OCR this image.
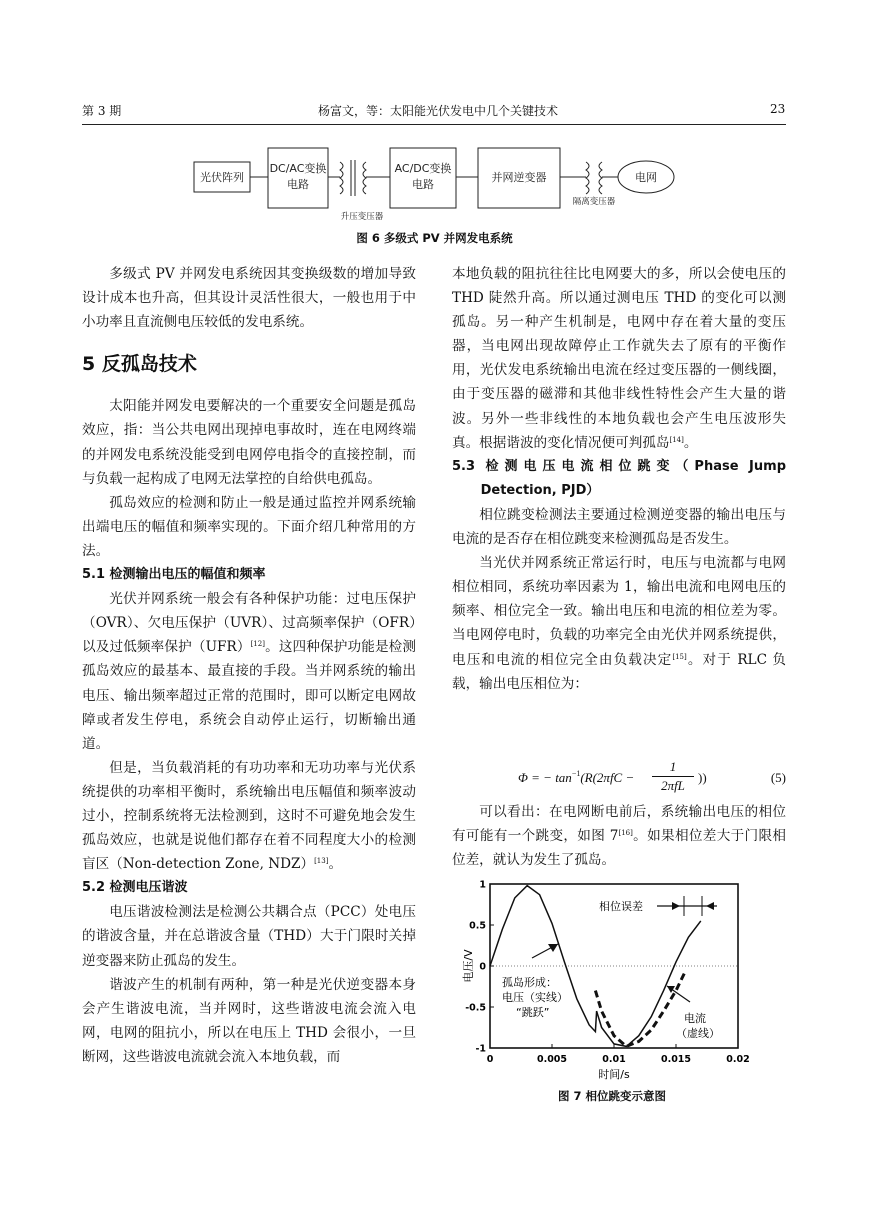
第 3 期	杨富文，等：太阳能光伏发电中几个关键技术	23
光伏阵列
DC/AC变换
电路
AC/DC变换
电路
并网逆变器	电网
升压变压器
隔离变压器
图 6 多级式 PV 并网发电系统

多级式 PV 并网发电系统因其变换级数的增加导致设计成本也升高，但其设计灵活性很大，一般也用于中小功率且直流侧电压较低的发电系统。

5 反孤岛技术

太阳能并网发电要解决的一个重要安全问题是孤岛效应，指：当公共电网出现掉电事故时，连在电网终端的并网发电系统没能受到电网停电指令的直接控制，而与负载一起构成了电网无法掌控的自给供电孤岛。

孤岛效应的检测和防止一般是通过监控并网系统输出端电压的幅值和频率实现的。下面介绍几种常用的方法。

5.1 检测输出电压的幅值和频率

光伏并网系统一般会有各种保护功能：过电压保护（OVR）、欠电压保护（UVR）、过高频率保护（OFR）以及过低频率保护（UFR）[12]。这四种保护功能是检测孤岛效应的最基本、最直接的手段。当并网系统的输出电压、输出频率超过正常的范围时，即可以断定电网故障或者发生停电，系统会自动停止运行，切断输出通道。

但是，当负载消耗的有功功率和无功功率与光伏系统提供的功率相平衡时，系统输出电压幅值和频率波动过小，控制系统将无法检测到，这时不可避免地会发生孤岛效应，也就是说他们都存在着不同程度大小的检测盲区（Non-detection Zone, NDZ）[13]。

5.2 检测电压谐波

电压谐波检测法是检测公共耦合点（PCC）处电压的谐波含量，并在总谐波含量（THD）大于门限时关掉逆变器来防止孤岛的发生。

谐波产生的机制有两种，第一种是光伏逆变器本身会产生谐波电流，当并网时，这些谐波电流会流入电网，电网的阻抗小，所以在电压上 THD 会很小，一旦断网，这些谐波电流就会流入本地负载，而

本地负载的阻抗往往比电网要大的多，所以会使电压的 THD 陡然升高。所以通过测电压 THD 的变化可以测孤岛。另一种产生机制是，电网中存在着大量的变压器，当电网出现故障停止工作就失去了原有的平衡作用，光伏发电系统输出电流在经过变压器的一侧线圈，由于变压器的磁滞和其他非线性特性会产生大量的谐波。另外一些非线性的本地负载也会产生电压波形失真。根据谐波的变化情况便可判孤岛[14]。

5.3 检测电压电流相位跳变（Phase Jump Detection, PJD）

相位跳变检测法主要通过检测逆变器的输出电压与电流的是否存在相位跳变来检测孤岛是否发生。

当光伏并网系统正常运行时，电压与电流都与电网相位相同，系统功率因素为 1，输出电流和电网电压的频率、相位完全一致。输出电压和电流的相位差为零。当电网停电时，负载的功率完全由光伏并网系统提供，电压和电流的相位完全由负载决定[15]。对于 RLC 负载，输出电压相位为：

Φ = − $\tan^{-1}(R(2\pi fC$ −
1
2πfL
))	(5)

可以看出：在电网断电前后，系统输出电压的相位有可能有一个跳变，如图 7[16]。如果相位差大于门限相位差，就认为发生了孤岛。

-1
-0.5
0
0.5
1
0	0.005	0.01	0.015	0.02
电压/V
时间/s
相位误差
孤岛形成：
电压（实线）
“跳跃”	电流
（虚线）
图 7 相位跳变示意图
